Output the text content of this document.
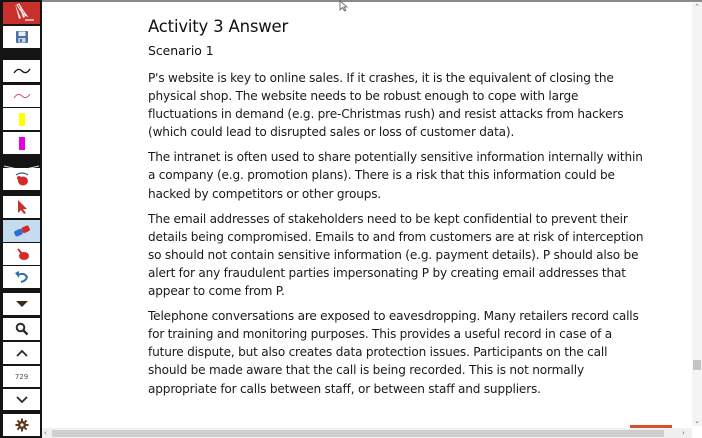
729
Activity 3 Answer
Scenario 1

P's website is key to online sales. If it crashes, it is the equivalent of closing the physical shop. The website needs to be robust enough to cope with large fluctuations in demand (e.g. pre-Christmas rush) and resist attacks from hackers (which could lead to disrupted sales or loss of customer data).

The intranet is often used to share potentially sensitive information internally within a company (e.g. promotion plans). There is a risk that this information could be hacked by competitors or other groups.

The email addresses of stakeholders need to be kept confidential to prevent their details being compromised. Emails to and from customers are at risk of interception so should not contain sensitive information (e.g. payment details). P should also be alert for any fraudulent parties impersonating P by creating email addresses that appear to come from P.

Telephone conversations are exposed to eavesdropping. Many retailers record calls for training and monitoring purposes. This provides a useful record in case of a future dispute, but also creates data protection issues. Participants on the call should be made aware that the call is being recorded. This is not normally appropriate for calls between staff, or between staff and suppliers.

⌃
⌄
‹	›
